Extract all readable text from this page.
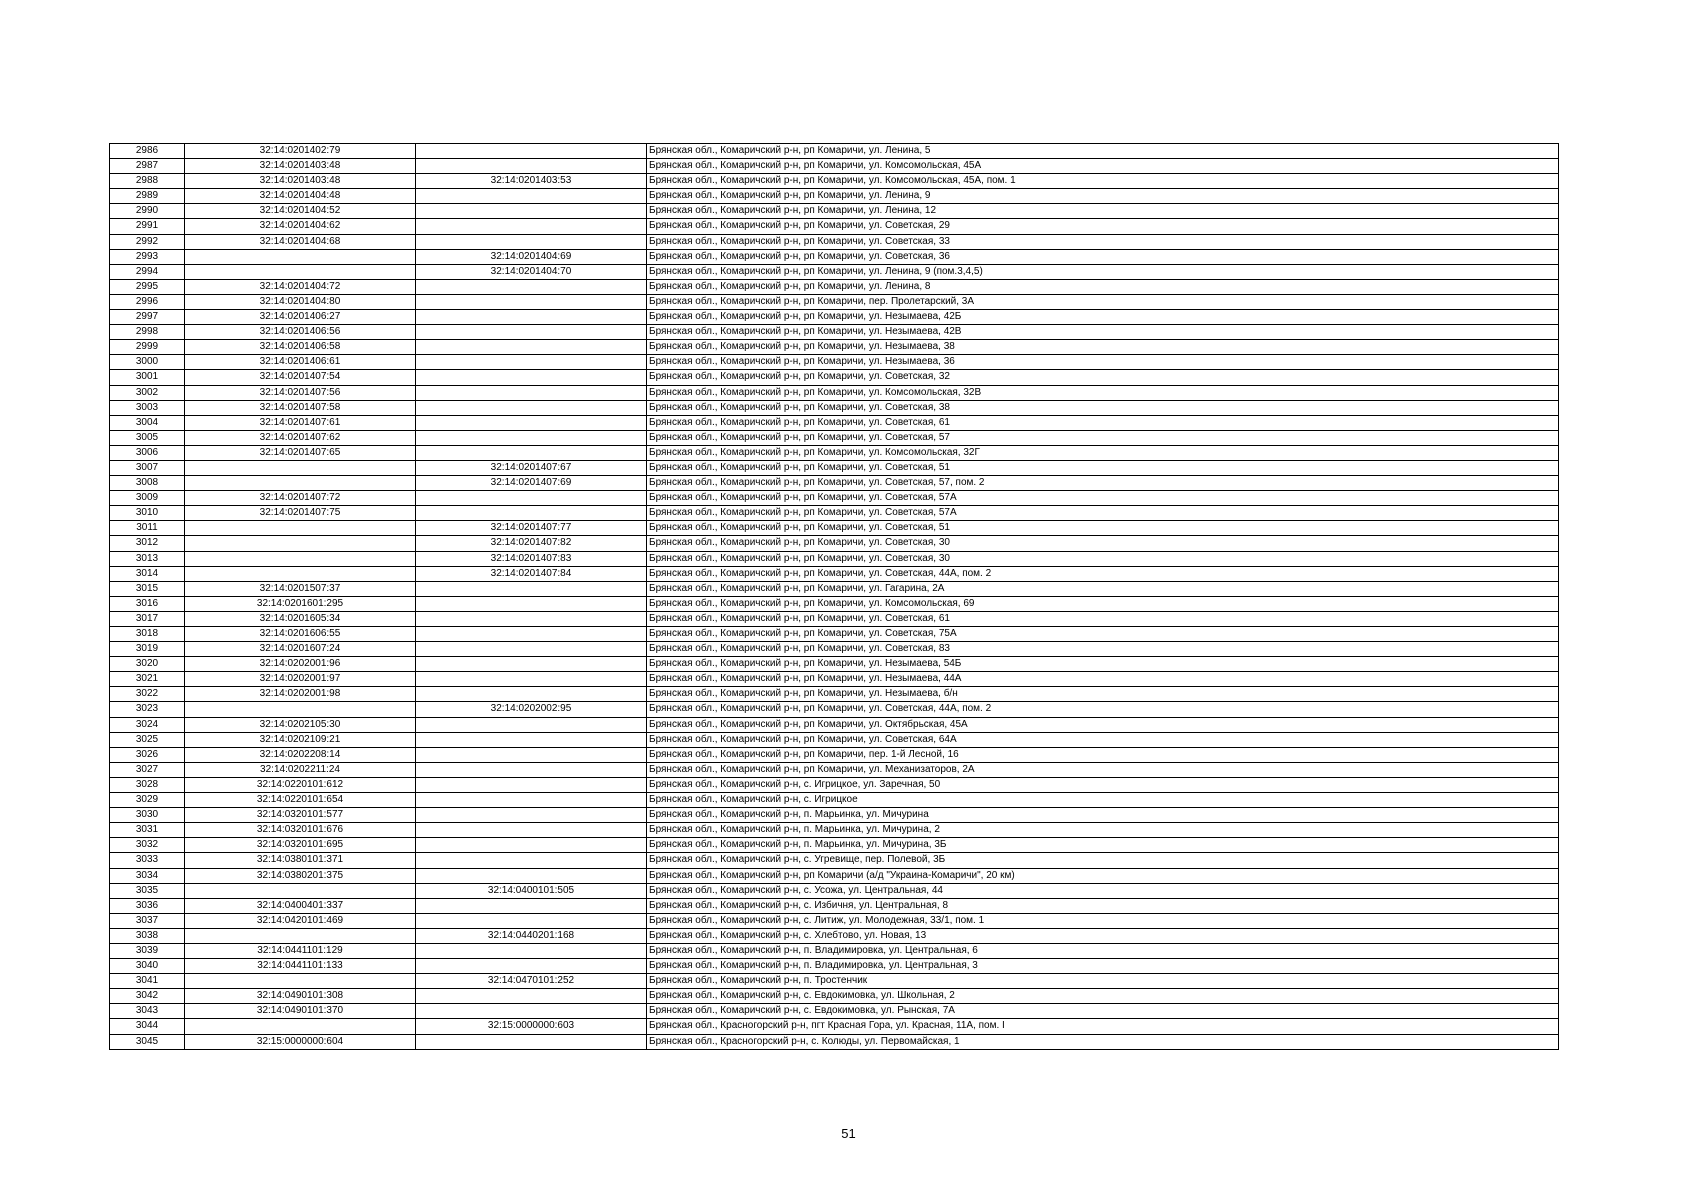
2986	32:14:0201402:79		Брянская обл., Комаричский р-н, рп Комаричи, ул. Ленина, 5
2987	32:14:0201403:48		Брянская обл., Комаричский р-н, рп Комаричи, ул. Комсомольская, 45А
2988	32:14:0201403:48	32:14:0201403:53	Брянская обл., Комаричский р-н, рп Комаричи, ул. Комсомольская, 45А, пом. 1
2989	32:14:0201404:48		Брянская обл., Комаричский р-н, рп Комаричи, ул. Ленина, 9
2990	32:14:0201404:52		Брянская обл., Комаричский р-н, рп Комаричи, ул. Ленина, 12
2991	32:14:0201404:62		Брянская обл., Комаричский р-н, рп Комаричи, ул. Советская, 29
2992	32:14:0201404:68		Брянская обл., Комаричский р-н, рп Комаричи, ул. Советская, 33
2993		32:14:0201404:69	Брянская обл., Комаричский р-н, рп Комаричи, ул. Советская, 36
2994		32:14:0201404:70	Брянская обл., Комаричский р-н, рп Комаричи, ул. Ленина, 9 (пом.3,4,5)
2995	32:14:0201404:72		Брянская обл., Комаричский р-н, рп Комаричи, ул. Ленина, 8
2996	32:14:0201404:80		Брянская обл., Комаричский р-н, рп Комаричи, пер. Пролетарский, 3А
2997	32:14:0201406:27		Брянская обл., Комаричский р-н, рп Комаричи, ул. Незымаева, 42Б
2998	32:14:0201406:56		Брянская обл., Комаричский р-н, рп Комаричи, ул. Незымаева, 42В
2999	32:14:0201406:58		Брянская обл., Комаричский р-н, рп Комаричи, ул. Незымаева, 38
3000	32:14:0201406:61		Брянская обл., Комаричский р-н, рп Комаричи, ул. Незымаева, 36
3001	32:14:0201407:54		Брянская обл., Комаричский р-н, рп Комаричи, ул. Советская, 32
3002	32:14:0201407:56		Брянская обл., Комаричский р-н, рп Комаричи, ул. Комсомольская, 32В
3003	32:14:0201407:58		Брянская обл., Комаричский р-н, рп Комаричи, ул. Советская, 38
3004	32:14:0201407:61		Брянская обл., Комаричский р-н, рп Комаричи, ул. Советская, 61
3005	32:14:0201407:62		Брянская обл., Комаричский р-н, рп Комаричи, ул. Советская, 57
3006	32:14:0201407:65		Брянская обл., Комаричский р-н, рп Комаричи, ул. Комсомольская, 32Г
3007		32:14:0201407:67	Брянская обл., Комаричский р-н, рп Комаричи, ул. Советская, 51
3008		32:14:0201407:69	Брянская обл., Комаричский р-н, рп Комаричи, ул. Советская, 57, пом. 2
3009	32:14:0201407:72		Брянская обл., Комаричский р-н, рп Комаричи, ул. Советская, 57А
3010	32:14:0201407:75		Брянская обл., Комаричский р-н, рп Комаричи, ул. Советская, 57А
3011		32:14:0201407:77	Брянская обл., Комаричский р-н, рп Комаричи, ул. Советская, 51
3012		32:14:0201407:82	Брянская обл., Комаричский р-н, рп Комаричи, ул. Советская, 30
3013		32:14:0201407:83	Брянская обл., Комаричский р-н, рп Комаричи, ул. Советская, 30
3014		32:14:0201407:84	Брянская обл., Комаричский р-н, рп Комаричи, ул. Советская, 44А, пом. 2
3015	32:14:0201507:37		Брянская обл., Комаричский р-н, рп Комаричи, ул. Гагарина, 2А
3016	32:14:0201601:295		Брянская обл., Комаричский р-н, рп Комаричи, ул. Комсомольская, 69
3017	32:14:0201605:34		Брянская обл., Комаричский р-н, рп Комаричи, ул. Советская, 61
3018	32:14:0201606:55		Брянская обл., Комаричский р-н, рп Комаричи, ул. Советская, 75А
3019	32:14:0201607:24		Брянская обл., Комаричский р-н, рп Комаричи, ул. Советская, 83
3020	32:14:0202001:96		Брянская обл., Комаричский р-н, рп Комаричи, ул. Незымаева, 54Б
3021	32:14:0202001:97		Брянская обл., Комаричский р-н, рп Комаричи, ул. Незымаева, 44А
3022	32:14:0202001:98		Брянская обл., Комаричский р-н, рп Комаричи, ул. Незымаева, б/н
3023		32:14:0202002:95	Брянская обл., Комаричский р-н, рп Комаричи, ул. Советская, 44А, пом. 2
3024	32:14:0202105:30		Брянская обл., Комаричский р-н, рп Комаричи, ул. Октябрьская, 45А
3025	32:14:0202109:21		Брянская обл., Комаричский р-н, рп Комаричи, ул. Советская, 64А
3026	32:14:0202208:14		Брянская обл., Комаричский р-н, рп Комаричи, пер. 1-й Лесной, 16
3027	32:14:0202211:24		Брянская обл., Комаричский р-н, рп Комаричи, ул. Механизаторов, 2А
3028	32:14:0220101:612		Брянская обл., Комаричский р-н, с. Игрицкое, ул. Заречная, 50
3029	32:14:0220101:654		Брянская обл., Комаричский р-н, с. Игрицкое
3030	32:14:0320101:577		Брянская обл., Комаричский р-н, п. Марьинка, ул. Мичурина
3031	32:14:0320101:676		Брянская обл., Комаричский р-н, п. Марьинка, ул. Мичурина, 2
3032	32:14:0320101:695		Брянская обл., Комаричский р-н, п. Марьинка, ул. Мичурина, 3Б
3033	32:14:0380101:371		Брянская обл., Комаричский р-н, с. Угревище, пер. Полевой, 3Б
3034	32:14:0380201:375		Брянская обл., Комаричский р-н, рп Комаричи (а/д "Украина-Комаричи", 20 км)
3035		32:14:0400101:505	Брянская обл., Комаричский р-н, с. Усожа, ул. Центральная, 44
3036	32:14:0400401:337		Брянская обл., Комаричский р-н, с. Избичня, ул. Центральная, 8
3037	32:14:0420101:469		Брянская обл., Комаричский р-н, с. Литиж, ул. Молодежная, 33/1, пом. 1
3038		32:14:0440201:168	Брянская обл., Комаричский р-н, с. Хлебтово, ул. Новая, 13
3039	32:14:0441101:129		Брянская обл., Комаричский р-н, п. Владимировка, ул. Центральная, 6
3040	32:14:0441101:133		Брянская обл., Комаричский р-н, п. Владимировка, ул. Центральная, 3
3041		32:14:0470101:252	Брянская обл., Комаричский р-н, п. Тростенчик
3042	32:14:0490101:308		Брянская обл., Комаричский р-н, с. Евдокимовка, ул. Школьная, 2
3043	32:14:0490101:370		Брянская обл., Комаричский р-н, с. Евдокимовка, ул. Рынская, 7А
3044		32:15:0000000:603	Брянская обл., Красногорский р-н, пгт Красная Гора, ул. Красная, 11А, пом. I
3045	32:15:0000000:604		Брянская обл., Красногорский р-н, с. Колюды, ул. Первомайская, 1
51
